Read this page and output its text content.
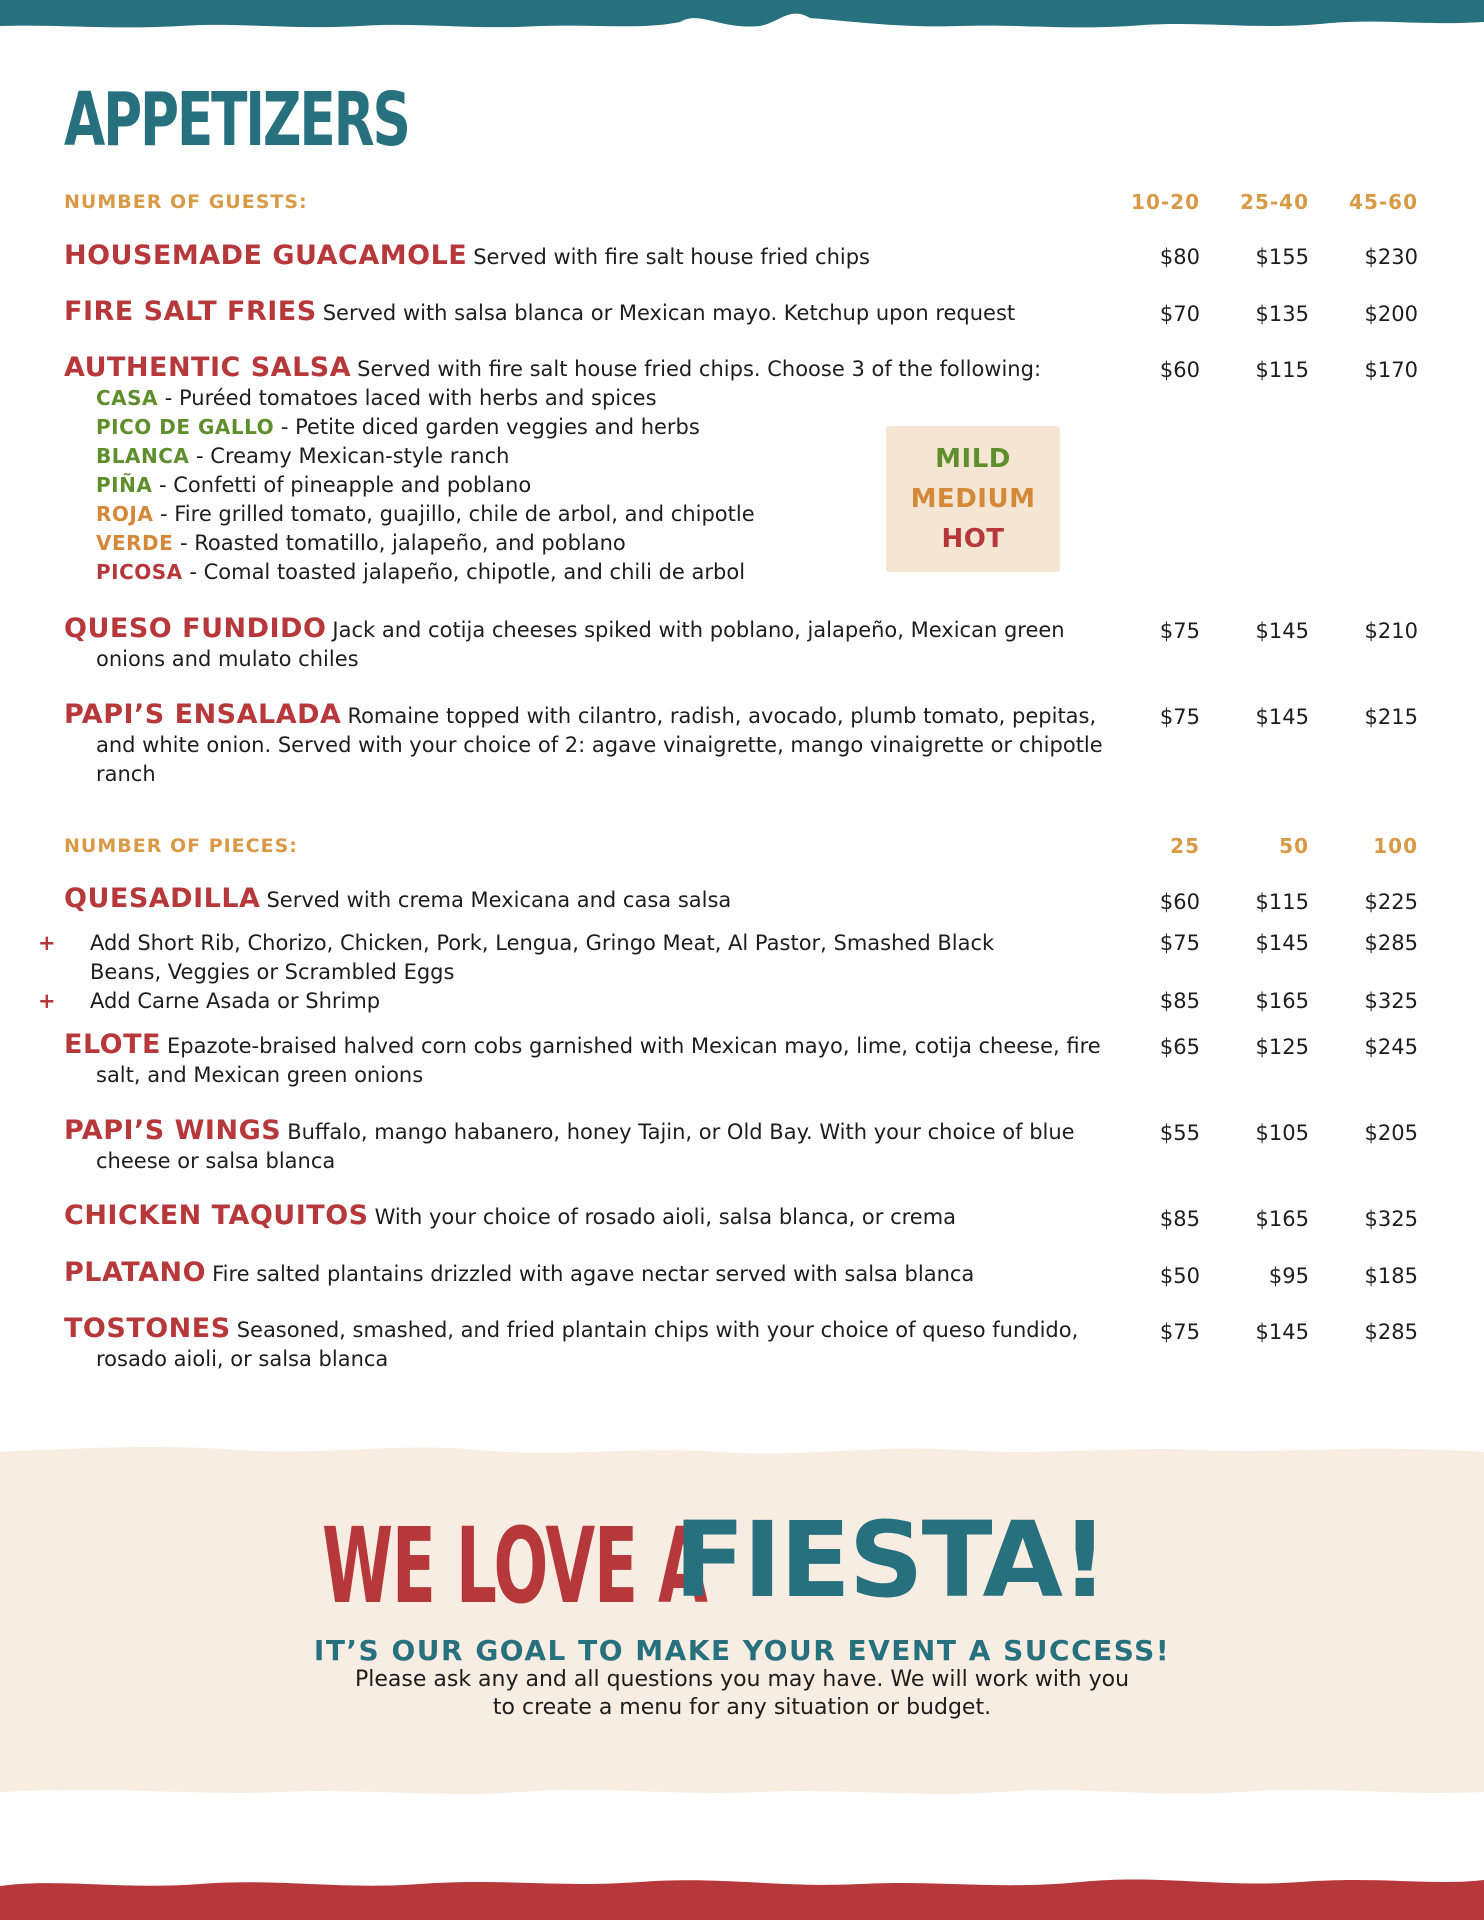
APPETIZERS
NUMBER OF GUESTS:	10-20	25-40	45-60
HOUSEMADE GUACAMOLE Served with fire salt house fried chips	$80	$155	$230
FIRE SALT FRIES Served with salsa blanca or Mexican mayo. Ketchup upon request	$70	$135	$200
AUTHENTIC SALSA Served with fire salt house fried chips. Choose 3 of the following:	$60	$115	$170
CASA - Puréed tomatoes laced with herbs and spices
PICO DE GALLO - Petite diced garden veggies and herbs
BLANCA - Creamy Mexican-style ranch
PIÑA - Confetti of pineapple and poblano
ROJA - Fire grilled tomato, guajillo, chile de arbol, and chipotle
VERDE - Roasted tomatillo, jalapeño, and poblano
PICOSA - Comal toasted jalapeño, chipotle, and chili de arbol
MILD
MEDIUM
HOT
QUESO FUNDIDO Jack and cotija cheeses spiked with poblano, jalapeño, Mexican green onions and mulato chiles
$75	$145	$210
PAPI’S ENSALADA Romaine topped with cilantro, radish, avocado, plumb tomato, pepitas, and white onion. Served with your choice of 2: agave vinaigrette, mango vinaigrette or chipotle ranch
$75	$145	$215
NUMBER OF PIECES:	25	50	100
QUESADILLA Served with crema Mexicana and casa salsa	$60	$115	$225
+ Add Short Rib, Chorizo, Chicken, Pork, Lengua, Gringo Meat, Al Pastor, Smashed Black Beans, Veggies or Scrambled Eggs
$75	$145	$285
+ Add Carne Asada or Shrimp	$85	$165	$325
ELOTE Epazote-braised halved corn cobs garnished with Mexican mayo, lime, cotija cheese, fire salt, and Mexican green onions
$65	$125	$245
PAPI’S WINGS Buffalo, mango habanero, honey Tajin, or Old Bay. With your choice of blue cheese or salsa blanca
$55	$105	$205
CHICKEN TAQUITOS With your choice of rosado aioli, salsa blanca, or crema	$85	$165	$325
PLATANO Fire salted plantains drizzled with agave nectar served with salsa blanca	$50	$95	$185
TOSTONES Seasoned, smashed, and fried plantain chips with your choice of queso fundido, rosado aioli, or salsa blanca
$75	$145	$285
WE LOVE A
FIESTA!
IT’S OUR GOAL TO MAKE YOUR EVENT A SUCCESS!
Please ask any and all questions you may have. We will work with you to create a menu for any situation or budget.
